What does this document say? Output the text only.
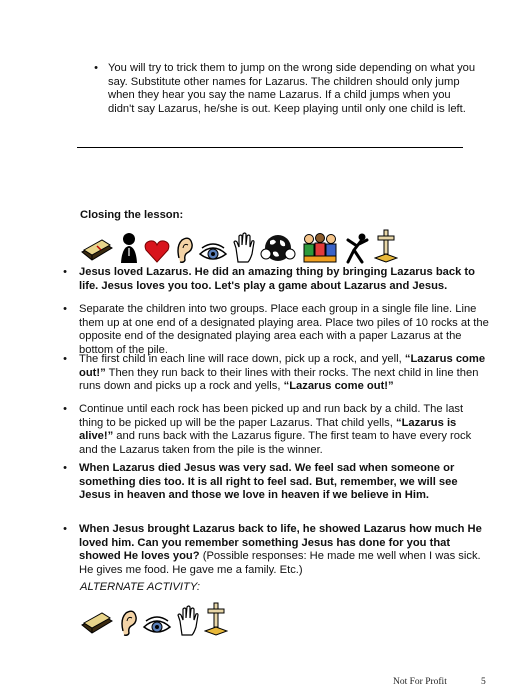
• You will try to trick them to jump on the wrong side depending on what you say. Substitute other names for Lazarus. The children should only jump when they hear you say the name Lazarus. If a child jumps when you didn't say Lazarus, he/she is out. Keep playing until only one child is left.
Closing the lesson:
•	Jesus loved Lazarus. He did an amazing thing by bringing Lazarus back to life. Jesus loves you too. Let's play a game about Lazarus and Jesus.
•	Separate the children into two groups. Place each group in a single file line. Line them up at one end of a designated playing area. Place two piles of 10 rocks at the opposite end of the designated playing area each with a paper Lazarus at the bottom of the pile.
•	The first child in each line will race down, pick up a rock, and yell, “Lazarus come out!” Then they run back to their lines with their rocks. The next child in line then runs down and picks up a rock and yells, “Lazarus come out!”
•	Continue until each rock has been picked up and run back by a child. The last thing to be picked up will be the paper Lazarus. That child yells, “Lazarus is alive!” and runs back with the Lazarus figure. The first team to have every rock and the Lazarus taken from the pile is the winner.
•	When Lazarus died Jesus was very sad. We feel sad when someone or something dies too. It is all right to feel sad. But, remember, we will see Jesus in heaven and those we love in heaven if we believe in Him.
•	When Jesus brought Lazarus back to life, he showed Lazarus how much He loved him. Can you remember something Jesus has done for you that showed He loves you? (Possible responses: He made me well when I was sick. He gives me food. He gave me a family. Etc.)
ALTERNATE ACTIVITY:
Not For Profit	5
